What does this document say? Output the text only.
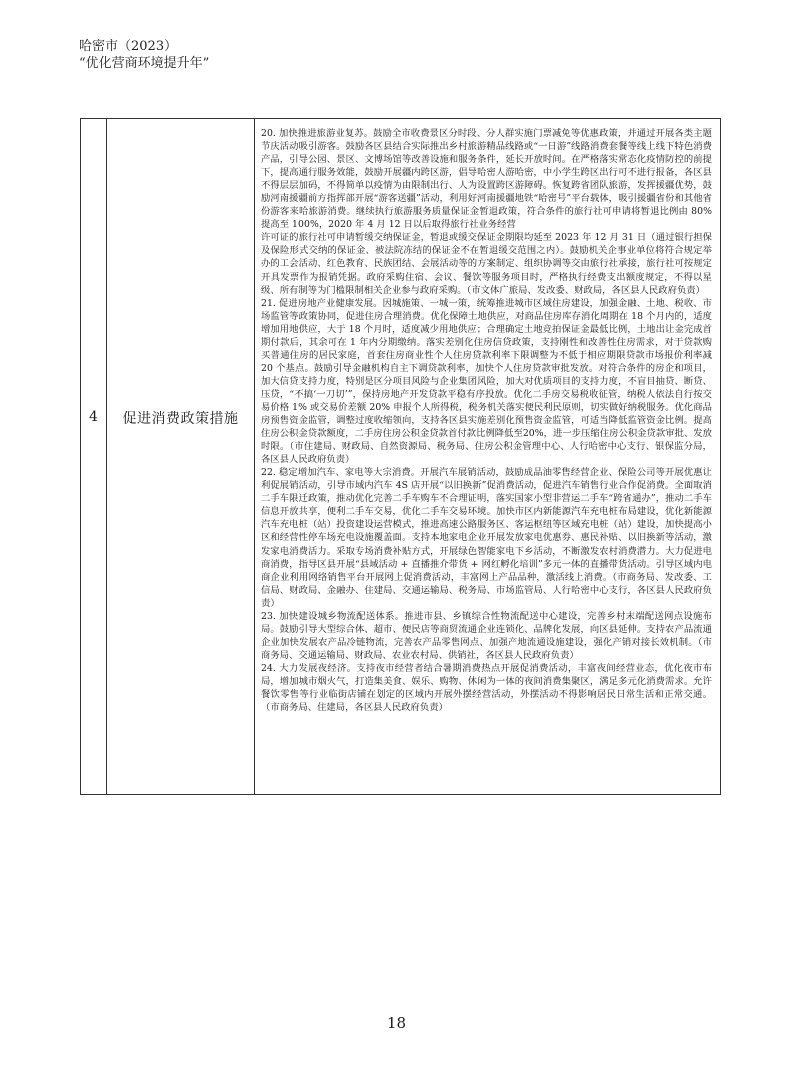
哈密市（2023）
“优化营商环境提升年”
4	促进消费政策措施

20. 加快推进旅游业复苏。鼓励全市收费景区分时段、分人群实施门票减免等优惠政策，并通过开展各类主题节庆活动吸引游客。鼓励各区县结合实际推出乡村旅游精品线路或“一日游”线路消费套餐等线上线下特色消费产品，引导公园、景区、文博场馆等改善设施和服务条件，延长开放时间。在严格落实常态化疫情防控的前提下，提高通行服务效能，鼓励开展疆内跨区游，倡导哈密人游哈密，中小学生跨区出行可不进行报备，各区县不得层层加码，不得简单以疫情为由限制出行、人为设置跨区游障碍。恢复跨省团队旅游，发挥援疆优势，鼓励河南援疆前方指挥部开展“游客送疆”活动，利用好河南援疆地铁“哈密号”平台载体，吸引援疆省份和其他省份游客来哈旅游消费。继续执行旅游服务质量保证金暂退政策，符合条件的旅行社可申请将暂退比例由 80% 提高至 100%，2020 年 4 月 12 日以后取得旅行社业务经营

许可证的旅行社可申请暂缓交纳保证金，暂退或缓交保证金期限均延至 2023 年 12 月 31 日（通过银行担保及保险形式交纳的保证金、被法院冻结的保证金不在暂退缓交范围之内）。鼓励机关企事业单位将符合规定举办的工会活动、红色教育、民族团结、会展活动等的方案制定、组织协调等交由旅行社承接，旅行社可按规定开具发票作为报销凭据。政府采购住宿、会议、餐饮等服务项目时，严格执行经费支出额度规定，不得以星级、所有制等为门槛限制相关企业参与政府采购。（市文体广旅局、发改委、财政局，各区县人民政府负责）

21. 促进房地产业健康发展。因城施策、一城一策，统筹推进城市区域住房建设，加强金融、土地、税收、市场监管等政策协同，促进住房合理消费。优化保障土地供应，对商品住房库存消化周期在 18 个月内的，适度增加用地供应，大于 18 个月时，适度减少用地供应；合理确定土地竞拍保证金最低比例，土地出让金完成首期付款后，其余可在 1 年内分期缴纳。落实差别化住房信贷政策，支持刚性和改善性住房需求，对于贷款购买普通住房的居民家庭，首套住房商业性个人住房贷款利率下限调整为不低于相应期限贷款市场报价利率减 20 个基点。鼓励引导金融机构自主下调贷款利率，加快个人住房贷款审批发放。对符合条件的房企和项目，加大信贷支持力度，特别是区分项目风险与企业集团风险，加大对优质项目的支持力度，不盲目抽贷、断贷、压贷，“不搞‘一刀切’”，保持房地产开发贷款平稳有序投放。优化二手房交易税收征管，纳税人依法自行按交易价格 1% 或交易价差额 20% 申报个人所得税，税务机关落实便民利民原则，切实做好纳税服务。优化商品房预售资金监管，调整过度收缩领向，支持各区县实施差别化预售资金监管，可适当降低监管资金比例。提高住房公积金贷款额度，二手房住房公积金贷款首付款比例降低至20%，进一步压缩住房公积金贷款审批、发放时限。（市住建局、财政局、自然资源局、税务局、住房公积金管理中心、人行哈密中心支行、银保监分局，各区县人民政府负责）

22. 稳定增加汽车、家电等大宗消费。开展汽车展销活动，鼓励成品油零售经营企业、保险公司等开展优惠让利促展销活动，引导市域内汽车 4S 店开展“以旧换新”促消费活动，促进汽车销售行业合作促消费。全面取消二手车限迁政策，推动优化完善二手车购车不合理证明，落实国家小型非营运二手车“跨省通办”，推动二手车信息开放共享，便利二手车交易，优化二手车交易环境。加快市区内新能源汽车充电桩布局建设，优化新能源汽车充电桩（站）投资建设运营模式，推进高速公路服务区、客运枢纽等区域充电桩（站）建设，加快提高小区和经营性停车场充电设施覆盖面。支持本地家电企业开展发放家电优惠券、惠民补贴、以旧换新等活动，激发家电消费活力。采取专场消费补贴方式，开展绿色智能家电下乡活动，不断激发农村消费潜力。大力促进电商消费，指导区县开展“县域活动 + 直播推介带货 + 网红孵化培训”多元一体的直播带货活动。引导区域内电商企业利用网络销售平台开展网上促消费活动，丰富网上产品品种，激活线上消费。（市商务局、发改委、工信局、财政局、金融办、住建局、交通运输局、税务局、市场监管局、人行哈密中心支行，各区县人民政府负责）

23. 加快建设城乡物流配送体系。推进市县、乡镇综合性物流配送中心建设，完善乡村末端配送网点设施布局。鼓励引导大型综合体、超市、便民店等商贸流通企业连锁化、品牌化发展，向区县延伸。支持农产品流通企业加快发展农产品冷链物流，完善农产品零售网点、加强产地流通设施建设，强化产销对接长效机制。（市商务局、交通运输局、财政局、农业农村局、供销社，各区县人民政府负责）

24. 大力发展夜经济。支持夜市经营者结合暑期消费热点开展促消费活动，丰富夜间经营业态，优化夜市布局，增加城市烟火气，打造集美食、娱乐、购物、休闲为一体的夜间消费集聚区，满足多元化消费需求。允许餐饮零售等行业临街店铺在划定的区域内开展外摆经营活动，外摆活动不得影响居民日常生活和正常交通。（市商务局、住建局，各区县人民政府负责）

18
